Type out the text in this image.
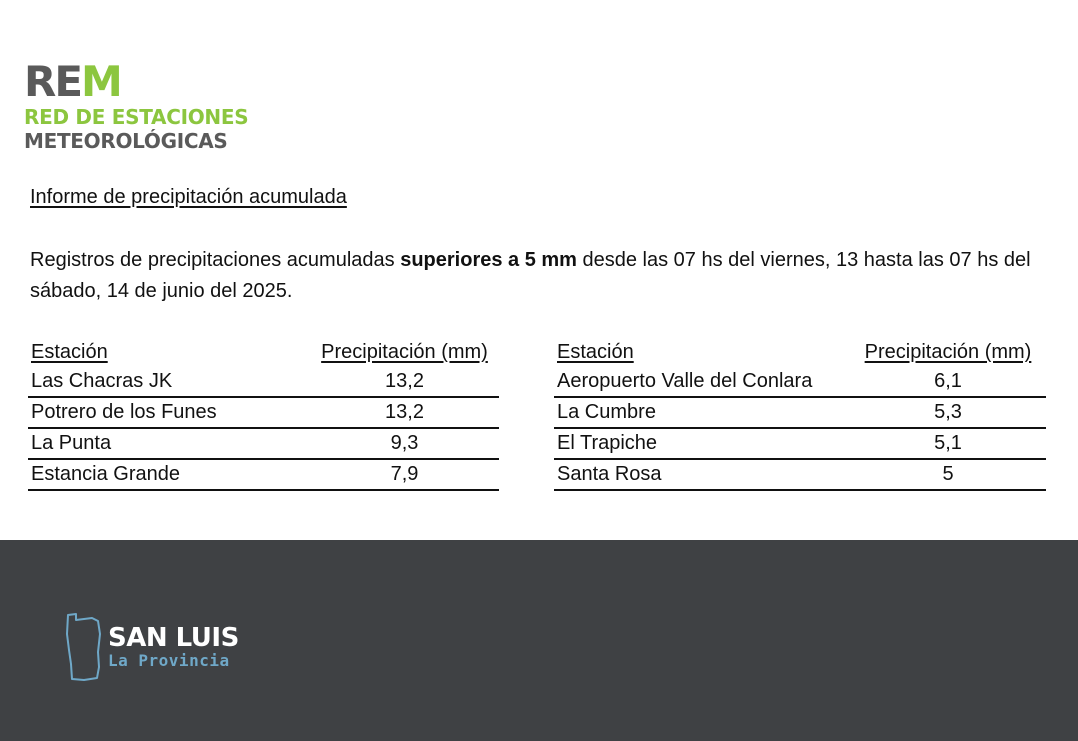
REM
RED DE ESTACIONES
METEOROLÓGICAS
Informe de precipitación acumulada

Registros de precipitaciones acumuladas superiores a 5 mm desde las 07 hs del viernes, 13 hasta las 07 hs del sábado, 14 de junio del 2025.

Estación	Precipitación (mm)
Las Chacras JK	13,2
Potrero de los Funes	13,2
La Punta	9,3
Estancia Grande	7,9
Estación	Precipitación (mm)
Aeropuerto Valle del Conlara	6,1
La Cumbre	5,3
El Trapiche	5,1
Santa Rosa	5
SAN LUIS
La Provincia
